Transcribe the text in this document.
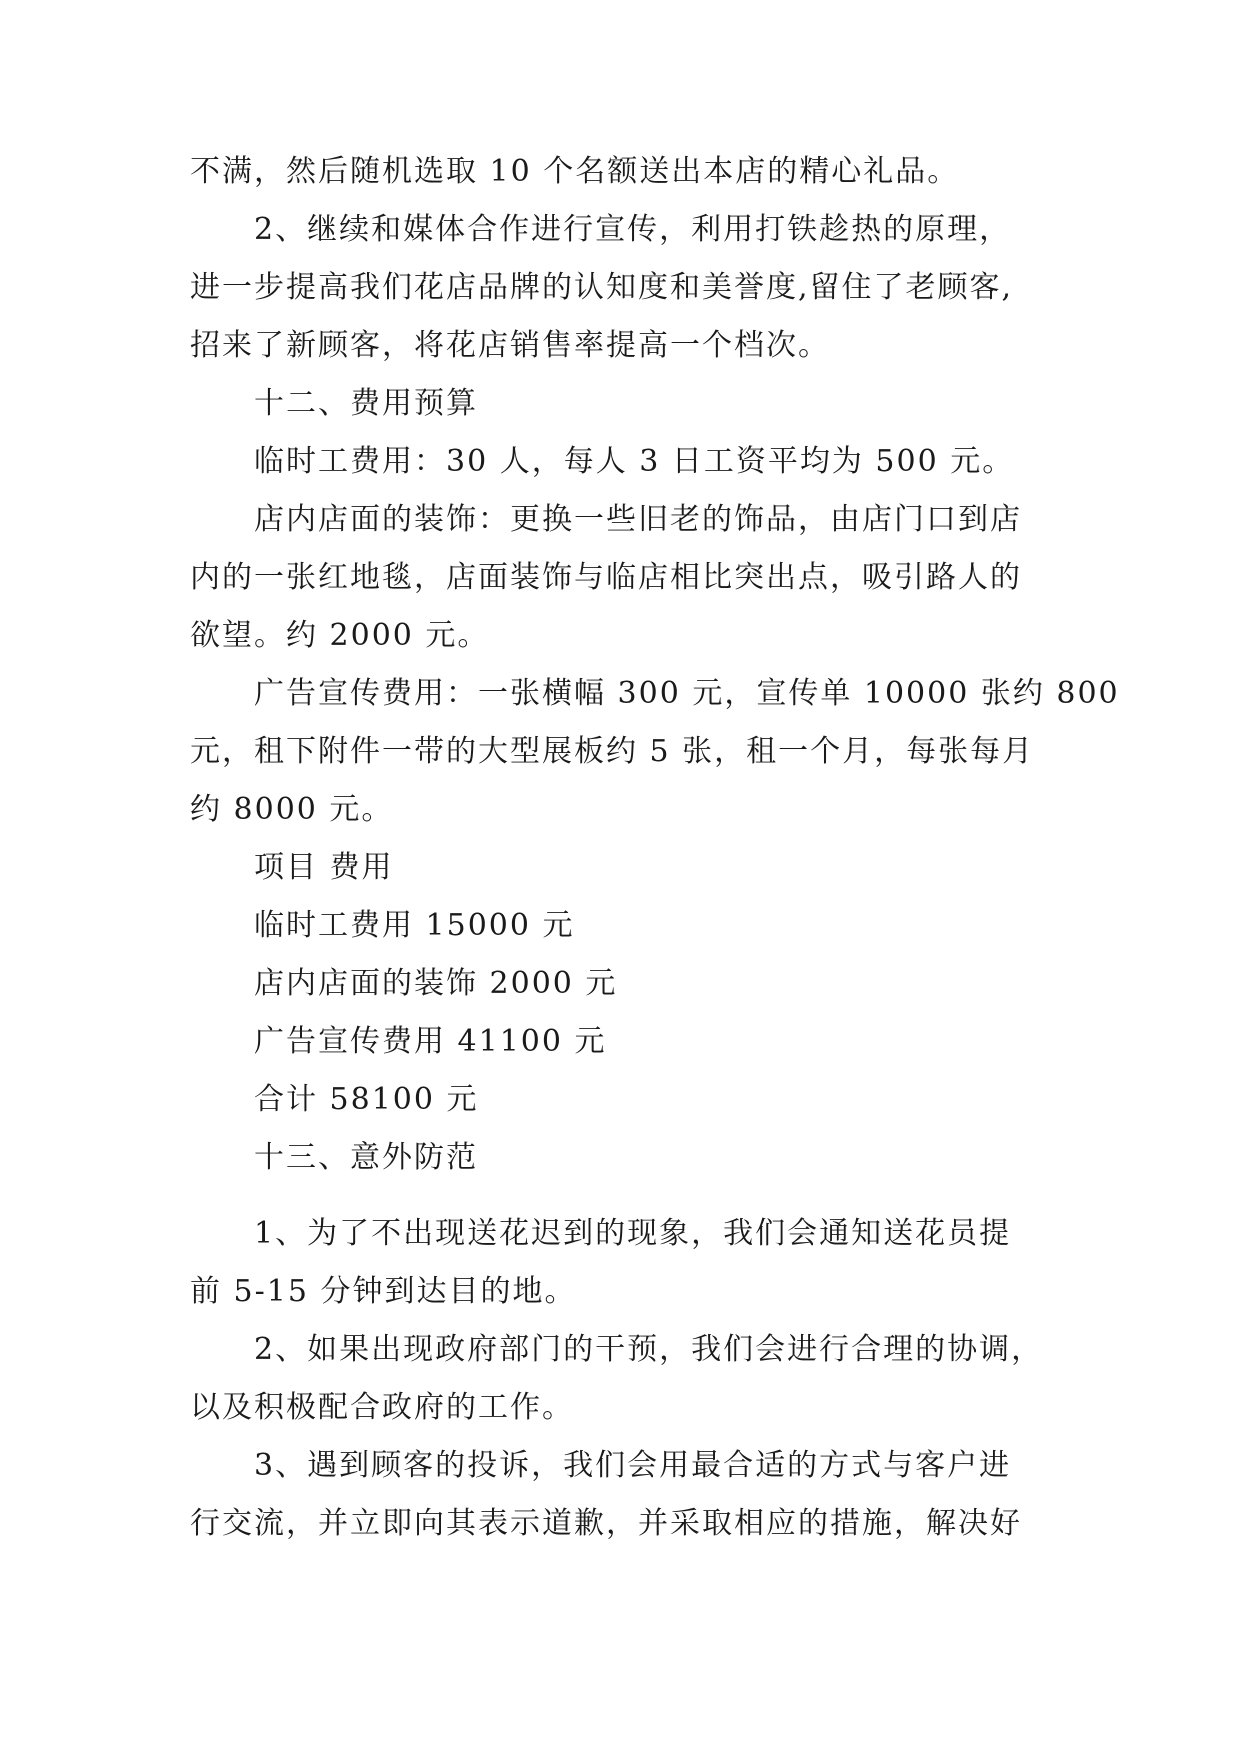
不满，然后随机选取 10 个名额送出本店的精心礼品。
2、继续和媒体合作进行宣传，利用打铁趁热的原理，
进一步提高我们花店品牌的认知度和美誉度,留住了老顾客,
招来了新顾客，将花店销售率提高一个档次。
十二、费用预算
临时工费用：30 人，每人 3 日工资平均为 500 元。
店内店面的装饰：更换一些旧老的饰品，由店门口到店
内的一张红地毯，店面装饰与临店相比突出点，吸引路人的
欲望。约 2000 元。
广告宣传费用：一张横幅 300 元，宣传单 10000 张约 800
元，租下附件一带的大型展板约 5 张，租一个月，每张每月
约 8000 元。
项目 费用
临时工费用 15000 元
店内店面的装饰 2000 元
广告宣传费用 41100 元
合计 58100 元
十三、意外防范
1、为了不出现送花迟到的现象，我们会通知送花员提
前 5-15 分钟到达目的地。
2、如果出现政府部门的干预，我们会进行合理的协调，
以及积极配合政府的工作。
3、遇到顾客的投诉，我们会用最合适的方式与客户进
行交流，并立即向其表示道歉，并采取相应的措施，解决好
